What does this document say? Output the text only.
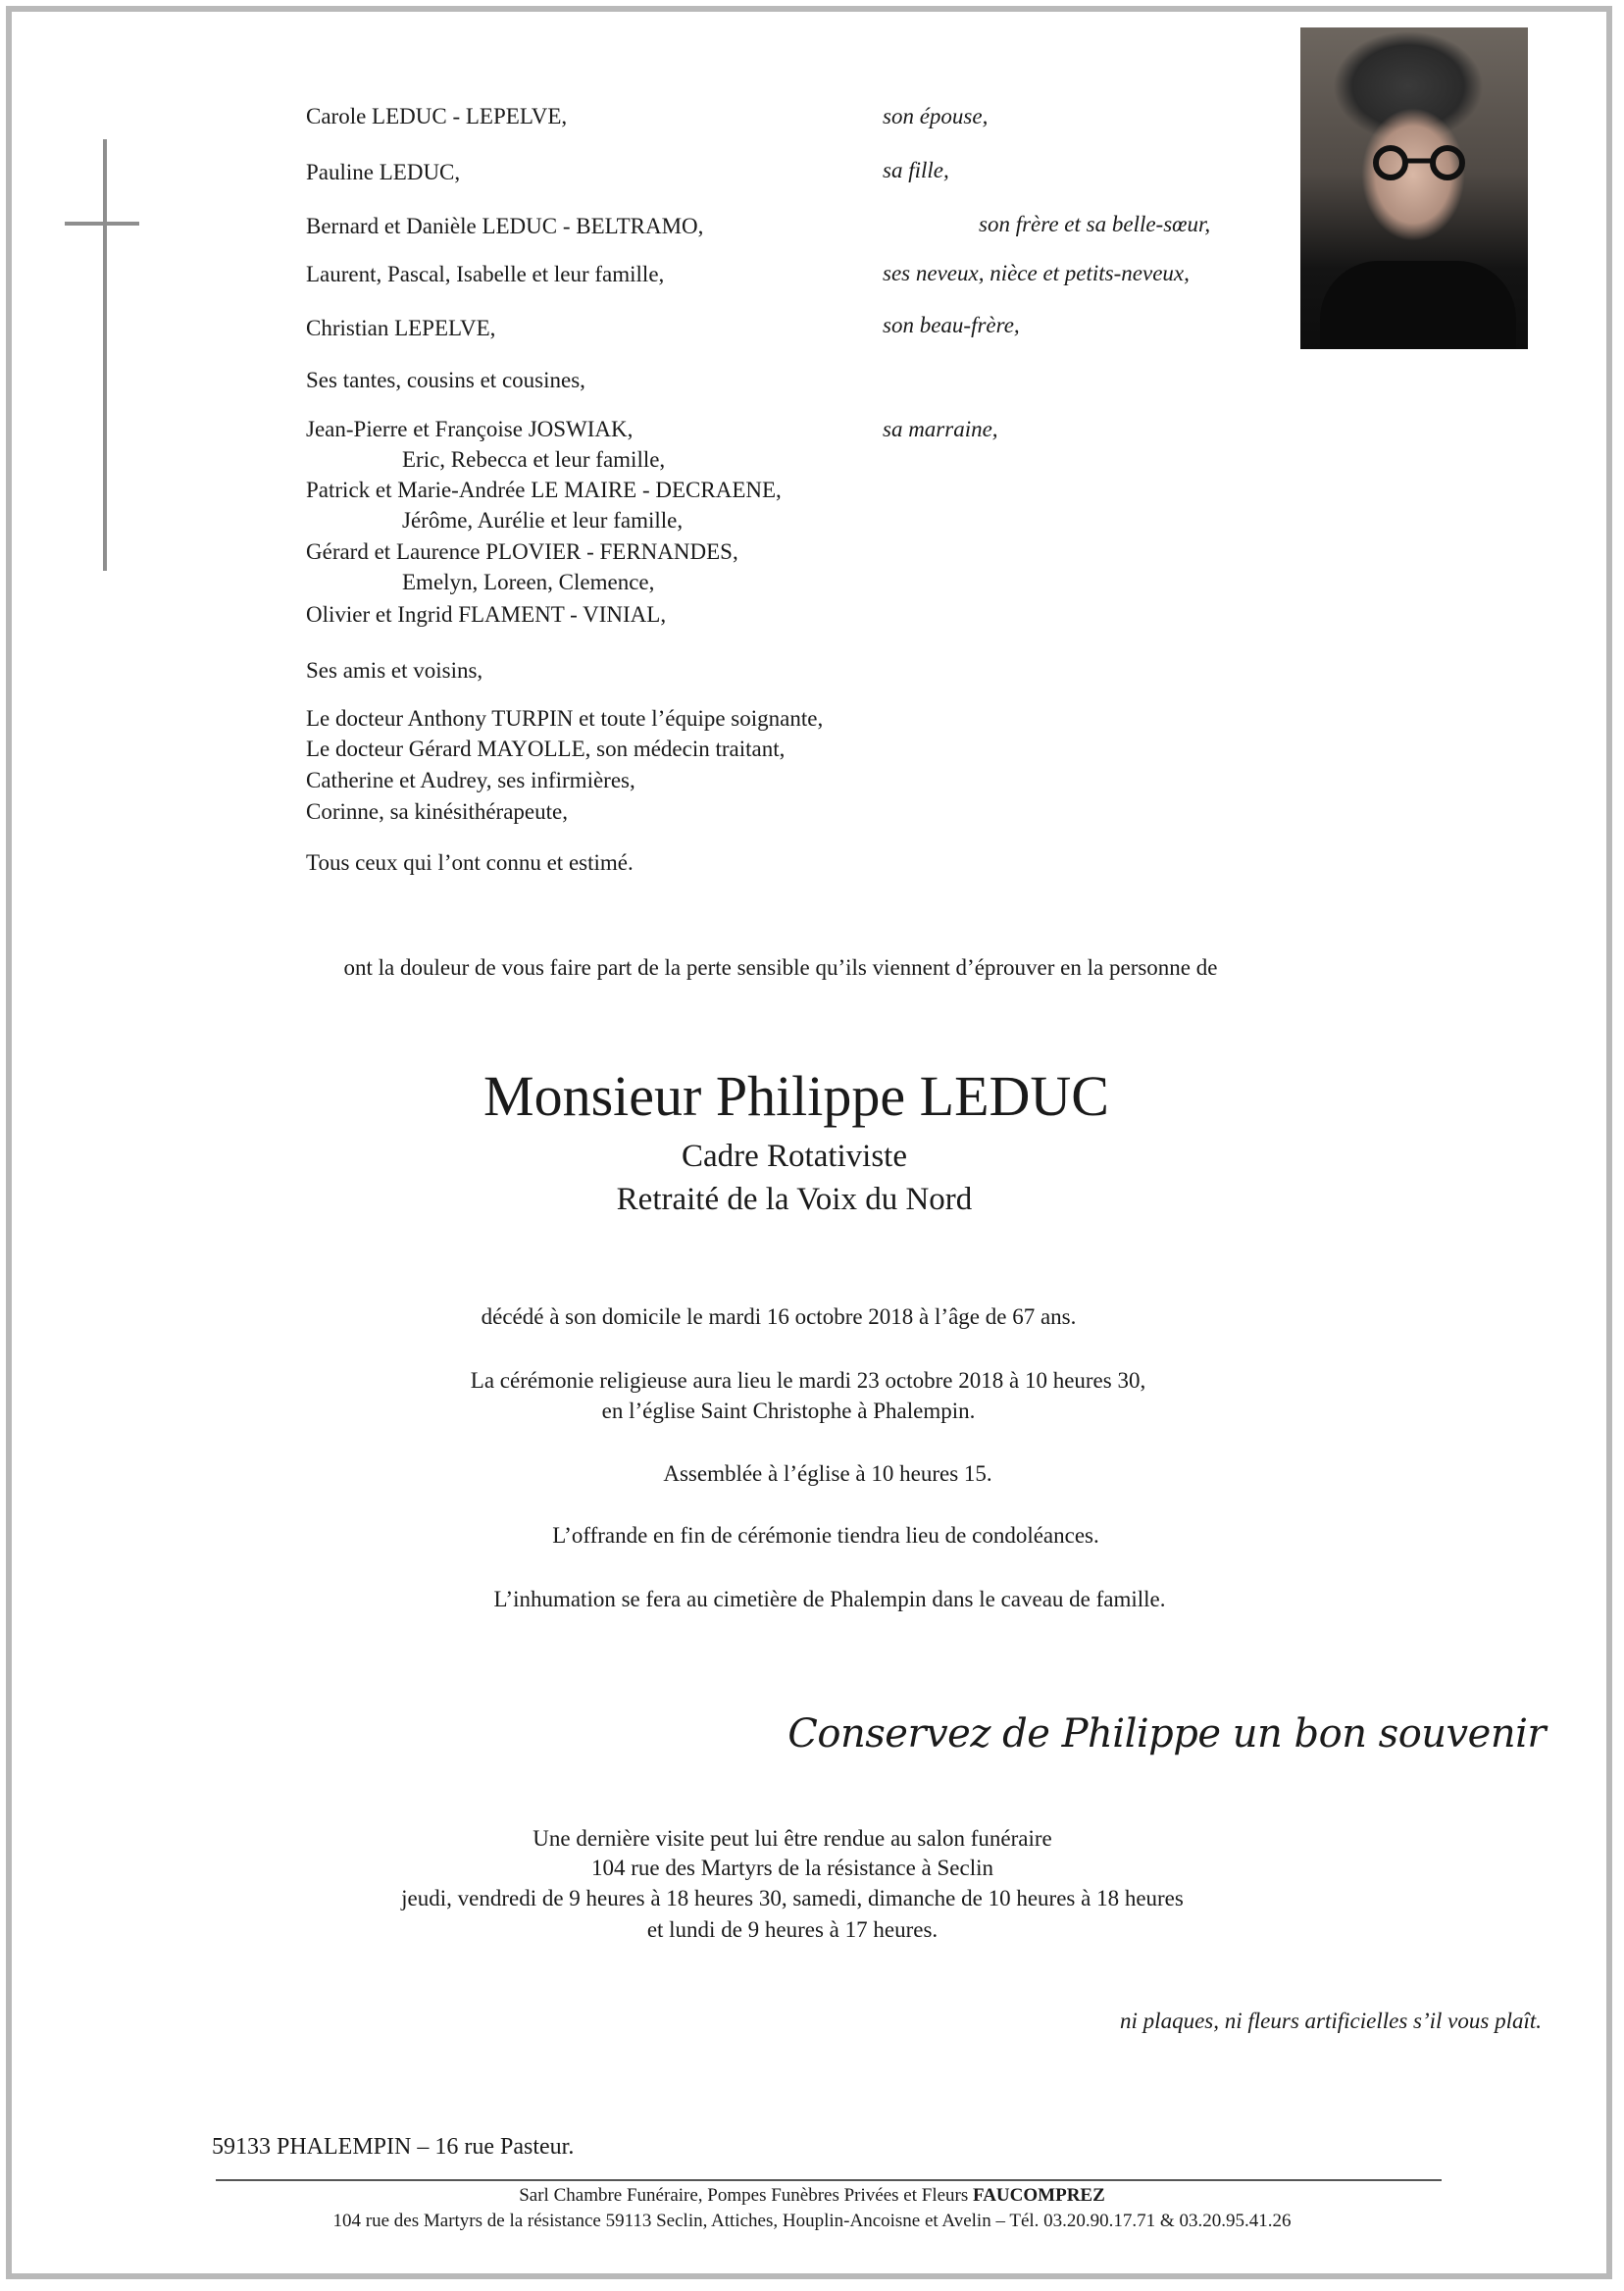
Carole LEDUC - LEPELVE,	son épouse,
Pauline LEDUC,	sa fille,
Bernard et Danièle LEDUC - BELTRAMO,	son frère et sa belle-sœur,
Laurent, Pascal, Isabelle et leur famille,	ses neveux, nièce et petits-neveux,
Christian LEPELVE,	son beau-frère,
Ses tantes, cousins et cousines,
Jean-Pierre et Françoise JOSWIAK,	sa marraine,
Eric, Rebecca et leur famille,
Patrick et Marie-Andrée LE MAIRE - DECRAENE,
Jérôme, Aurélie et leur famille,
Gérard et Laurence PLOVIER - FERNANDES,
Emelyn, Loreen, Clemence,
Olivier et Ingrid FLAMENT - VINIAL,
Ses amis et voisins,
Le docteur Anthony TURPIN et toute l’équipe soignante,
Le docteur Gérard MAYOLLE, son médecin traitant,
Catherine et Audrey, ses infirmières,
Corinne, sa kinésithérapeute,
Tous ceux qui l’ont connu et estimé.
ont la douleur de vous faire part de la perte sensible qu’ils viennent d’éprouver en la personne de
Monsieur Philippe LEDUC
Cadre Rotativiste
Retraité de la Voix du Nord
décédé à son domicile le mardi 16 octobre 2018 à l’âge de 67 ans.
La cérémonie religieuse aura lieu le mardi 23 octobre 2018 à 10 heures 30,
en l’église Saint Christophe à Phalempin.
Assemblée à l’église à 10 heures 15.
L’offrande en fin de cérémonie tiendra lieu de condoléances.
L’inhumation se fera au cimetière de Phalempin dans le caveau de famille.
Conservez de Philippe un bon souvenir
Une dernière visite peut lui être rendue au salon funéraire
104 rue des Martyrs de la résistance à Seclin
jeudi, vendredi de 9 heures à 18 heures 30, samedi, dimanche de 10 heures à 18 heures
et lundi de 9 heures à 17 heures.
ni plaques, ni fleurs artificielles s’il vous plaît.
59133 PHALEMPIN – 16 rue Pasteur.
Sarl Chambre Funéraire, Pompes Funèbres Privées et Fleurs FAUCOMPREZ
104 rue des Martyrs de la résistance 59113 Seclin, Attiches, Houplin-Ancoisne et Avelin – Tél. 03.20.90.17.71 & 03.20.95.41.26
